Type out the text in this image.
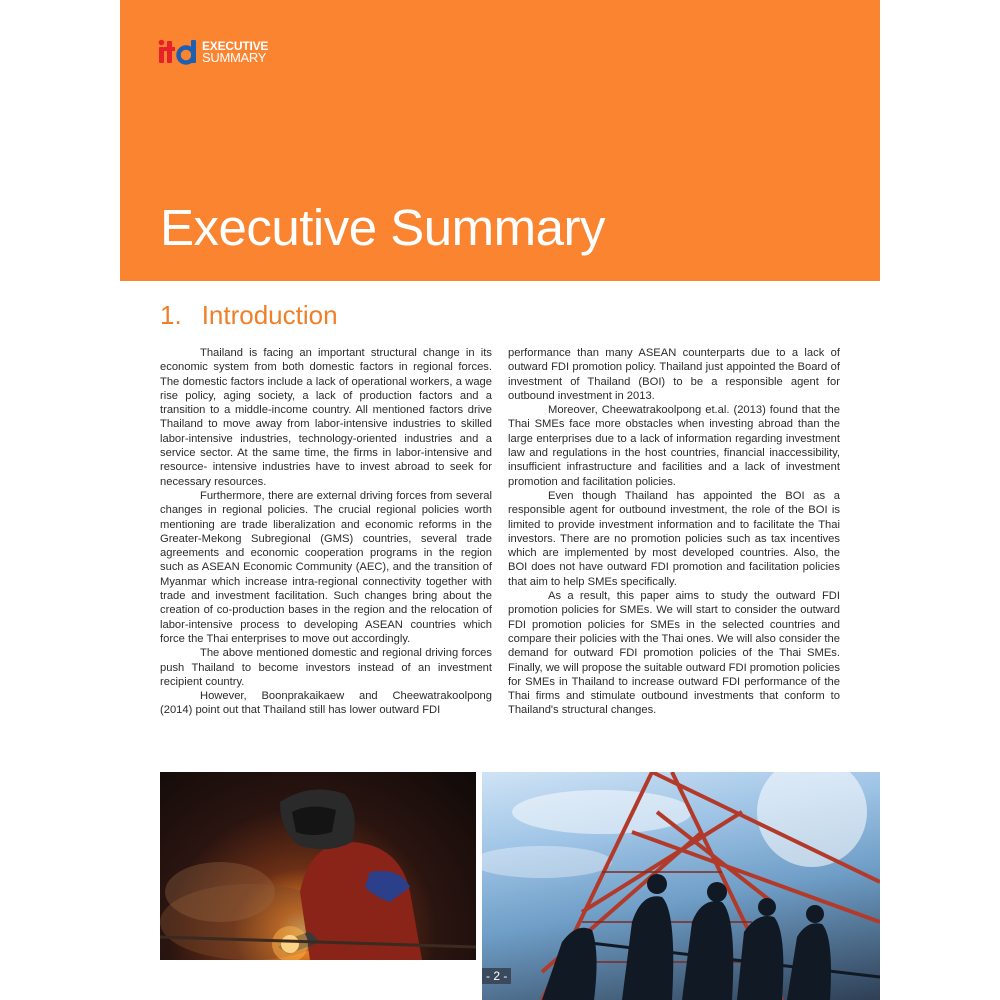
EXECUTIVE
SUMMARY
Executive Summary
1. Introduction

Thailand is facing an important structural change in its economic system from both domestic factors in regional forces. The domestic factors include a lack of operational workers, a wage rise policy, aging society, a lack of production factors and a transition to a middle-income country. All mentioned factors drive Thailand to move away from labor-intensive industries to skilled labor-intensive industries, technology-oriented industries and a service sector. At the same time, the firms in labor-intensive and resource- intensive industries have to invest abroad to seek for necessary resources.

Furthermore, there are external driving forces from several changes in regional policies. The crucial regional policies worth mentioning are trade liberalization and economic reforms in the Greater-Mekong Subregional (GMS) countries, several trade agreements and economic cooperation programs in the region such as ASEAN Economic Community (AEC), and the transition of Myanmar which increase intra-regional connectivity together with trade and investment facilitation. Such changes bring about the creation of co-production bases in the region and the relocation of labor-intensive process to developing ASEAN countries which force the Thai enterprises to move out accordingly.

The above mentioned domestic and regional driving forces push Thailand to become investors instead of an investment recipient country.

However, Boonprakaikaew and Cheewatrakoolpong (2014) point out that Thailand still has lower outward FDI

performance than many ASEAN counterparts due to a lack of outward FDI promotion policy. Thailand just appointed the Board of investment of Thailand (BOI) to be a responsible agent for outbound investment in 2013.

Moreover, Cheewatrakoolpong et.al. (2013) found that the Thai SMEs face more obstacles when investing abroad than the large enterprises due to a lack of information regarding investment law and regulations in the host countries, financial inaccessibility, insufficient infrastructure and facilities and a lack of investment promotion and facilitation policies.

Even though Thailand has appointed the BOI as a responsible agent for outbound investment, the role of the BOI is limited to provide investment information and to facilitate the Thai investors. There are no promotion policies such as tax incentives which are implemented by most developed countries. Also, the BOI does not have outward FDI promotion and facilitation policies that aim to help SMEs specifically.

As a result, this paper aims to study the outward FDI promotion policies for SMEs. We will start to consider the outward FDI promotion policies for SMEs in the selected countries and compare their policies with the Thai ones. We will also consider the demand for outward FDI promotion policies of the Thai SMEs. Finally, we will propose the suitable outward FDI promotion policies for SMEs in Thailand to increase outward FDI performance of the Thai firms and stimulate outbound investments that conform to Thailand's structural changes.

- 2 -
